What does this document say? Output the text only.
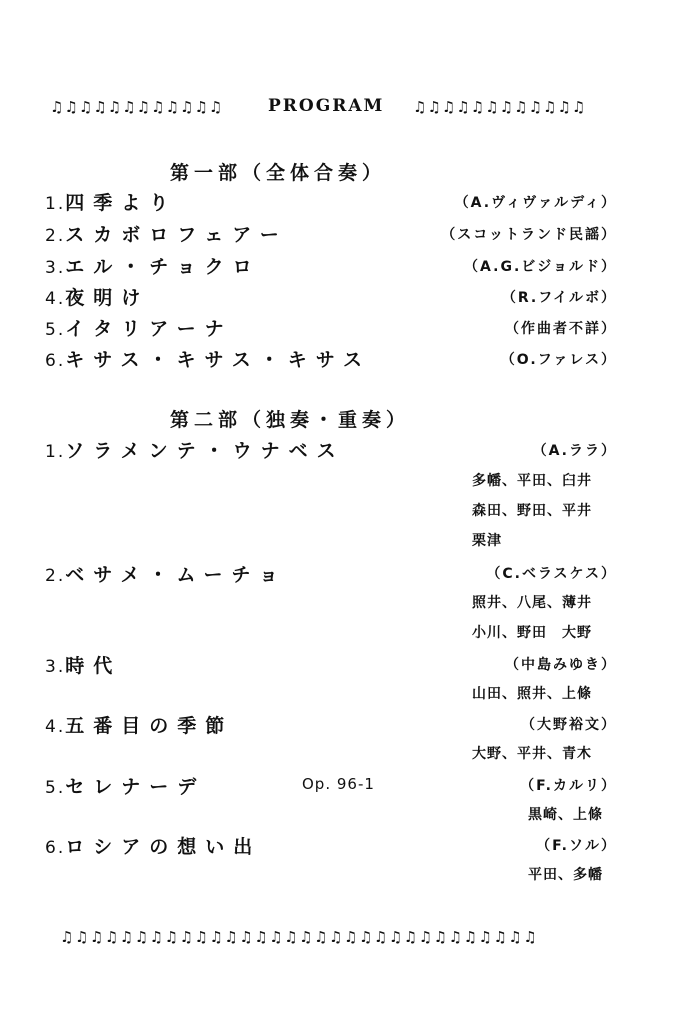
♫♫♫♫♫♫♫♫♫♫♫♫	PROGRAM ♫♫♫♫♫♫♫♫♫♫♫♫
第一部（全体合奏）
1.四季より	（A.ヴィヴァルディ）
2.スカボロフェアー	（スコットランド民謡）
3.エル・チョクロ	（A.G.ビジョルド）
4.夜明け	（R.フイルボ）
5.イタリアーナ	（作曲者不詳）
6.キサス・キサス・キサス	（O.ファレス）
第二部（独奏・重奏）
1.ソラメンテ・ウナベス	（A.ララ）
多幡、平田、臼井
森田、野田、平井
栗津
2.ベサメ・ムーチョ	（C.ベラスケス）
照井、八尾、薄井
小川、野田　大野
3.時代	（中島みゆき）
山田、照井、上條
4.五番目の季節	（大野裕文）
大野、平井、青木
5.セレナーデ	Op. 96-1	（F.カルリ）
黒崎、上條
6.ロシアの想い出	（F.ソル）
平田、多幡
♫♫♫♫♫♫♫♫♫♫♫♫♫♫♫♫♫♫♫♫♫♫♫♫♫♫♫♫♫♫♫♫
